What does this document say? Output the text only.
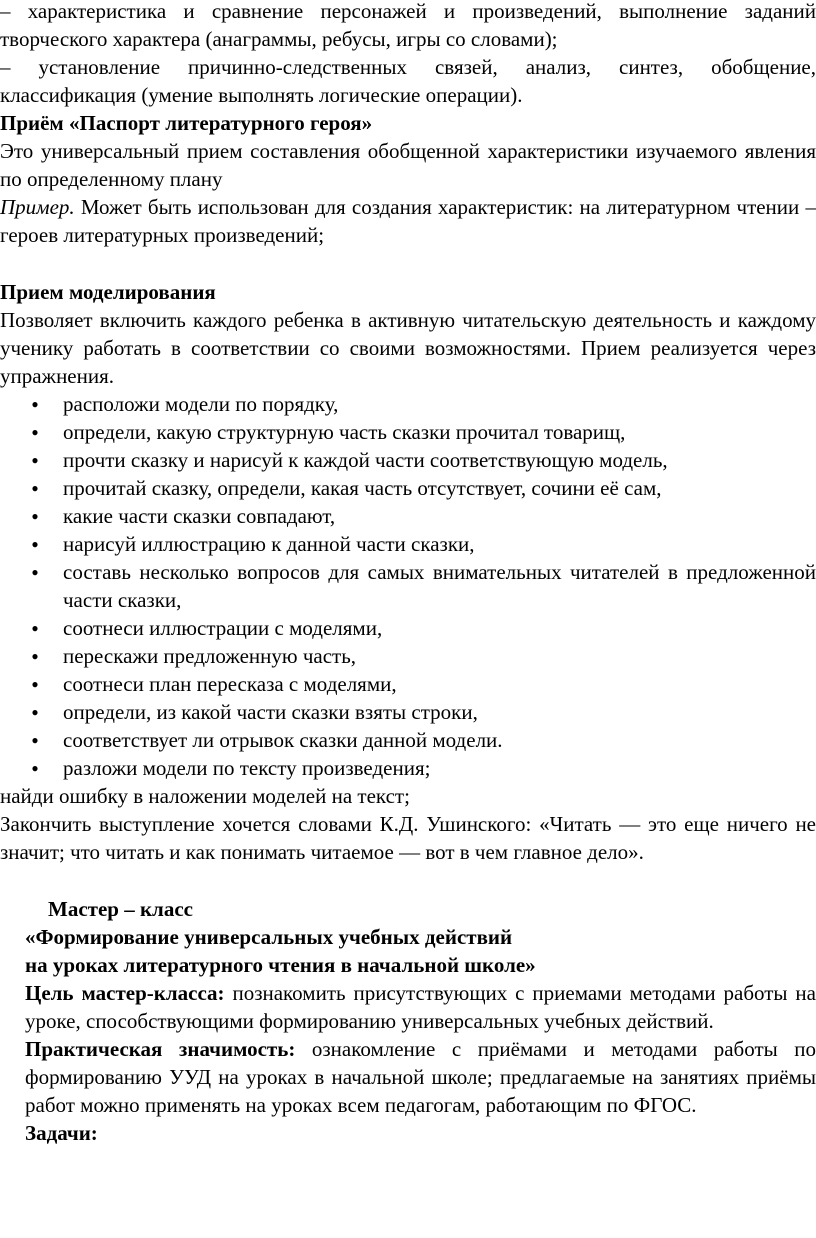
– характеристика и сравнение персонажей и произведений, выполнение заданий творческого характера (анаграммы, ребусы, игры со словами);

– установление причинно-следственных связей, анализ, синтез, обобщение, классификация (умение выполнять логические операции).

Приём «Паспорт литературного героя»

Это универсальный прием составления обобщенной характеристики изучаемого явления по определенному плану

Пример. Может быть использован для создания характеристик: на литературном чтении – героев литературных произведений;

Прием моделирования

Позволяет включить каждого ребенка в активную читательскую деятельность и каждому ученику работать в соответствии со своими возможностями. Прием реализуется через упражнения.

● расположи модели по порядку,
● определи, какую структурную часть сказки прочитал товарищ,
● прочти сказку и нарисуй к каждой части соответствующую модель,
● прочитай сказку, определи, какая часть отсутствует, сочини её сам,
● какие части сказки совпадают,
● нарисуй иллюстрацию к данной части сказки,
● составь несколько вопросов для самых внимательных читателей в предложенной части сказки,
● соотнеси иллюстрации с моделями,
● перескажи предложенную часть,
● соотнеси план пересказа с моделями,
● определи, из какой части сказки взяты строки,
● соответствует ли отрывок сказки данной модели.
● разложи модели по тексту произведения;

найди ошибку в наложении моделей на текст;

Закончить выступление хочется словами К.Д. Ушинского: «Читать — это еще ничего не значит; что читать и как понимать читаемое — вот в чем главное дело».

Мастер – класс

«Формирование универсальных учебных действий

на уроках литературного чтения в начальной школе»

Цель мастер-класса: познакомить присутствующих с приемами методами работы на уроке, способствующими формированию универсальных учебных действий.

Практическая значимость: ознакомление с приёмами и методами работы по формированию УУД на уроках в начальной школе; предлагаемые на занятиях приёмы работ можно применять на уроках всем педагогам, работающим по ФГОС.

Задачи:
